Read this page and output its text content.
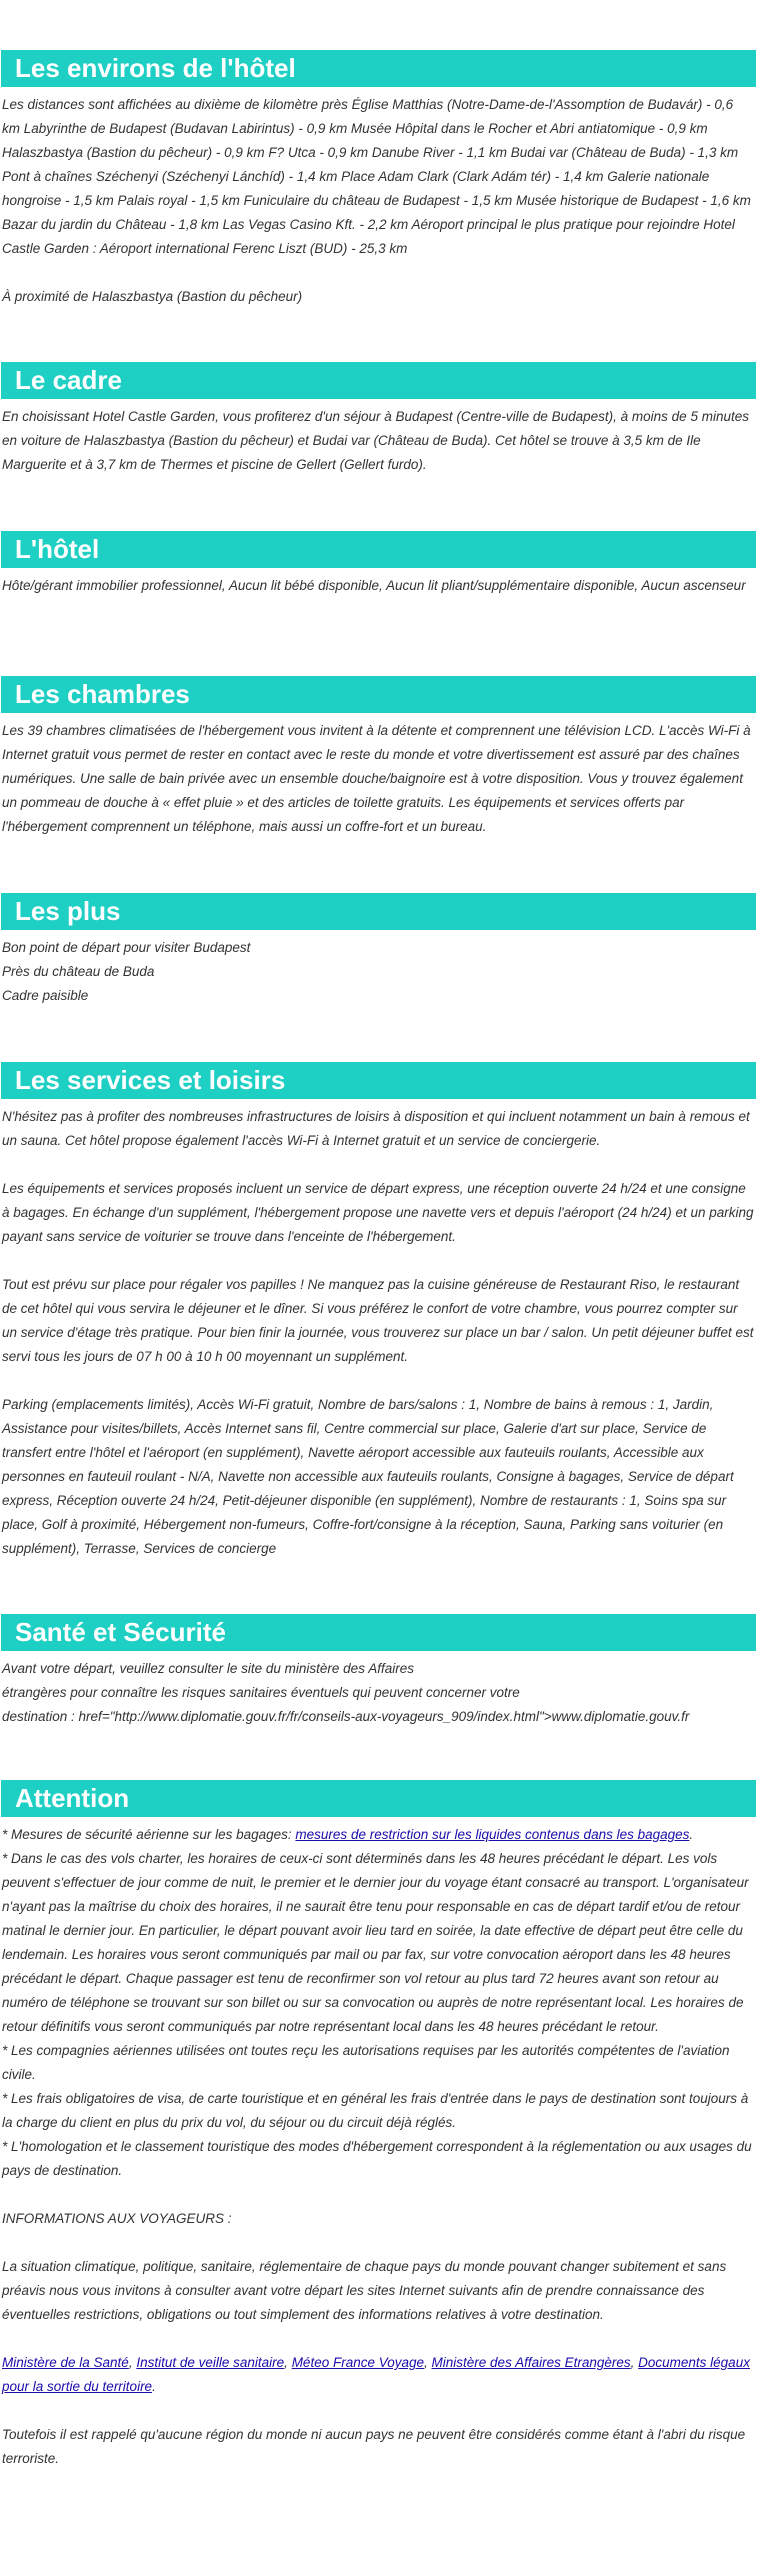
Les environs de l'hôtel

Les distances sont affichées au dixième de kilomètre près Église Matthias (Notre-Dame-de-l'Assomption de Budavár) - 0,6 km Labyrinthe de Budapest (Budavan Labirintus) - 0,9 km Musée Hôpital dans le Rocher et Abri antiatomique - 0,9 km Halaszbastya (Bastion du pêcheur) - 0,9 km F? Utca - 0,9 km Danube River - 1,1 km Budai var (Château de Buda) - 1,3 km Pont à chaînes Széchenyi (Széchenyi Lánchíd) - 1,4 km Place Adam Clark (Clark Adám tér) - 1,4 km Galerie nationale hongroise - 1,5 km Palais royal - 1,5 km Funiculaire du château de Budapest - 1,5 km Musée historique de Budapest - 1,6 km Bazar du jardin du Château - 1,8 km Las Vegas Casino Kft. - 2,2 km Aéroport principal le plus pratique pour rejoindre Hotel Castle Garden : Aéroport international Ferenc Liszt (BUD) - 25,3 km

À proximité de Halaszbastya (Bastion du pêcheur)

Le cadre

En choisissant Hotel Castle Garden, vous profiterez d'un séjour à Budapest (Centre-ville de Budapest), à moins de 5 minutes en voiture de Halaszbastya (Bastion du pêcheur) et Budai var (Château de Buda). Cet hôtel se trouve à 3,5 km de Ile Marguerite et à 3,7 km de Thermes et piscine de Gellert (Gellert furdo).

L'hôtel

Hôte/gérant immobilier professionnel, Aucun lit bébé disponible, Aucun lit pliant/supplémentaire disponible, Aucun ascenseur

Les chambres

Les 39 chambres climatisées de l'hébergement vous invitent à la détente et comprennent une télévision LCD. L'accès Wi-Fi à Internet gratuit vous permet de rester en contact avec le reste du monde et votre divertissement est assuré par des chaînes numériques. Une salle de bain privée avec un ensemble douche/baignoire est à votre disposition. Vous y trouvez également un pommeau de douche à « effet pluie » et des articles de toilette gratuits. Les équipements et services offerts par l'hébergement comprennent un téléphone, mais aussi un coffre-fort et un bureau.

Les plus
Bon point de départ pour visiter Budapest
Près du château de Buda
Cadre paisible
Les services et loisirs

N'hésitez pas à profiter des nombreuses infrastructures de loisirs à disposition et qui incluent notamment un bain à remous et un sauna. Cet hôtel propose également l'accès Wi-Fi à Internet gratuit et un service de conciergerie.

Les équipements et services proposés incluent un service de départ express, une réception ouverte 24 h/24 et une consigne à bagages. En échange d'un supplément, l'hébergement propose une navette vers et depuis l'aéroport (24 h/24) et un parking payant sans service de voiturier se trouve dans l'enceinte de l'hébergement.

Tout est prévu sur place pour régaler vos papilles ! Ne manquez pas la cuisine généreuse de Restaurant Riso, le restaurant de cet hôtel qui vous servira le déjeuner et le dîner. Si vous préférez le confort de votre chambre, vous pourrez compter sur un service d'étage très pratique. Pour bien finir la journée, vous trouverez sur place un bar / salon. Un petit déjeuner buffet est servi tous les jours de 07 h 00 à 10 h 00 moyennant un supplément.

Parking (emplacements limités), Accès Wi-Fi gratuit, Nombre de bars/salons : 1, Nombre de bains à remous : 1, Jardin, Assistance pour visites/billets, Accès Internet sans fil, Centre commercial sur place, Galerie d'art sur place, Service de transfert entre l'hôtel et l'aéroport (en supplément), Navette aéroport accessible aux fauteuils roulants, Accessible aux personnes en fauteuil roulant - N/A, Navette non accessible aux fauteuils roulants, Consigne à bagages, Service de départ express, Réception ouverte 24 h/24, Petit-déjeuner disponible (en supplément), Nombre de restaurants : 1, Soins spa sur place, Golf à proximité, Hébergement non-fumeurs, Coffre-fort/consigne à la réception, Sauna, Parking sans voiturier (en supplément), Terrasse, Services de concierge

Santé et Sécurité
Avant votre départ, veuillez consulter le site du ministère des Affaires
étrangères pour connaître les risques sanitaires éventuels qui peuvent concerner votre
destination : href="http://www.diplomatie.gouv.fr/fr/conseils-aux-voyageurs_909/index.html">www.diplomatie.gouv.fr
Attention
* Mesures de sécurité aérienne sur les bagages: mesures de restriction sur les liquides contenus dans les bagages.
* Dans le cas des vols charter, les horaires de ceux-ci sont déterminés dans les 48 heures précédant le départ. Les vols peuvent s'effectuer de jour comme de nuit, le premier et le dernier jour du voyage étant consacré au transport. L'organisateur n'ayant pas la maîtrise du choix des horaires, il ne saurait être tenu pour responsable en cas de départ tardif et/ou de retour matinal le dernier jour. En particulier, le départ pouvant avoir lieu tard en soirée, la date effective de départ peut être celle du lendemain. Les horaires vous seront communiqués par mail ou par fax, sur votre convocation aéroport dans les 48 heures précédant le départ. Chaque passager est tenu de reconfirmer son vol retour au plus tard 72 heures avant son retour au numéro de téléphone se trouvant sur son billet ou sur sa convocation ou auprès de notre représentant local. Les horaires de retour définitifs vous seront communiqués par notre représentant local dans les 48 heures précédant le retour.
* Les compagnies aériennes utilisées ont toutes reçu les autorisations requises par les autorités compétentes de l'aviation civile.
* Les frais obligatoires de visa, de carte touristique et en général les frais d'entrée dans le pays de destination sont toujours à la charge du client en plus du prix du vol, du séjour ou du circuit déjà réglés.

* L'homologation et le classement touristique des modes d'hébergement correspondent à la réglementation ou aux usages du pays de destination.

INFORMATIONS AUX VOYAGEURS :

La situation climatique, politique, sanitaire, réglementaire de chaque pays du monde pouvant changer subitement et sans préavis nous vous invitons à consulter avant votre départ les sites Internet suivants afin de prendre connaissance des éventuelles restrictions, obligations ou tout simplement des informations relatives à votre destination.

Ministère de la Santé, Institut de veille sanitaire, Méteo France Voyage, Ministère des Affaires Etrangères, Documents légaux pour la sortie du territoire.

Toutefois il est rappelé qu'aucune région du monde ni aucun pays ne peuvent être considérés comme étant à l'abri du risque terroriste.
